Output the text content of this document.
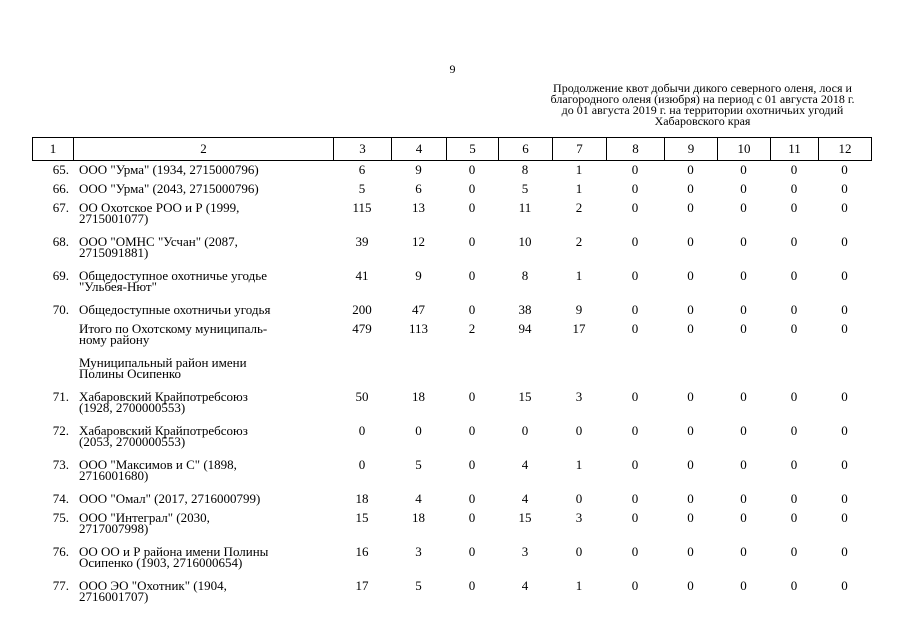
9
Продолжение квот добычи дикого северного оленя, лося и
благородного оленя (изюбря) на период с 01 августа 2018 г.
до 01 августа 2019 г. на территории охотничьих угодий
Хабаровского края
1	2	3	4	5	6	7	8	9	10	11	12
65.	ООО "Урма" (1934, 2715000796)	6	9	0	8	1	0	0	0	0	0
66.	ООО "Урма" (2043, 2715000796)	5	6	0	5	1	0	0	0	0	0
67.	ОО Охотское РОО и Р (1999,
2715001077)	115	13	0	11	2	0	0	0	0	0
68.	ООО "ОМНС "Усчан" (2087,
2715091881)	39	12	0	10	2	0	0	0	0	0
69.	Общедоступное охотничье угодье
"Ульбея-Нют"	41	9	0	8	1	0	0	0	0	0
70.	Общедоступные охотничьи угодья	200	47	0	38	9	0	0	0	0	0

	Итого по Охотскому муниципаль-
ному району	479	113	2	94	17	0	0	0	0	0

	Муниципальный район имени
Полины Осипенко										

71.	Хабаровский Крайпотребсоюз
(1928, 2700000553)	50	18	0	15	3	0	0	0	0	0
72.	Хабаровский Крайпотребсоюз
(2053, 2700000553)	0	0	0	0	0	0	0	0	0	0
73.	ООО "Максимов и С" (1898,
2716001680)	0	5	0	4	1	0	0	0	0	0
74.	ООО "Омал" (2017, 2716000799)	18	4	0	4	0	0	0	0	0	0
75.	ООО "Интеграл" (2030,
2717007998)	15	18	0	15	3	0	0	0	0	0
76.	ОО ОО и Р района имени Полины
Осипенко (1903, 2716000654)	16	3	0	3	0	0	0	0	0	0
77.	ООО ЭО "Охотник" (1904,
2716001707)	17	5	0	4	1	0	0	0	0	0
